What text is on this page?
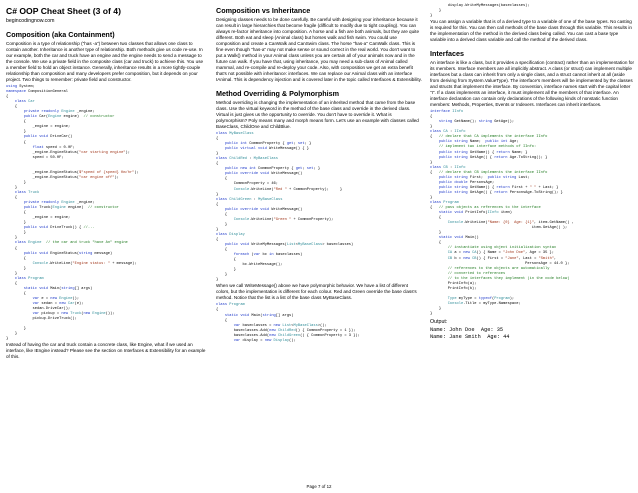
C# OOP Cheat Sheet (3 of 4)
begincodingnow.com
Composition (aka Containment)

Composition is a type of relationship ("has -a") between two classes that allows one class to contain another. Inheritance is another type of relationship. Both methods give us code re-use. In our example, both the car and truck have an engine and the engine needs to send a message to the console. We use a private field in the composite class (car and truck) to achieve this. You use a member field to hold an object instance. Generally, inheritance results in a more tightly-couple relationship than composition and many developers prefer composition, but it depends on your project. Two things to remember: private field and constructor.

using System;
namespace CompositionGeneral
{
class Car
{
private readonly Engine _engine;
public Car(Engine engine)  // constructor
{
_engine = engine;
}
public void DriveCar()
{
float speed = 0.0F;
_engine.EngineStatus("car starting engine");
speed = 50.0F;

_engine.EngineStatus($"speed of {speed} Km/hr");
_engine.EngineStatus("car engine off");
}
}
class Truck
{
private readonly Engine _engine;
public Truck(Engine engine)  // constructor
{
_engine = engine;
}
public void DriveTruck() { //...
}
}
class Engine // the car and truck "have An" engine
{
public void EngineStatus(string message)
{
Console.WriteLine("Engine status: " + message);
}
}
class Program
{
static void Main(string[] args)
{
var e = new Engine();
var sedan = new Car(e);
sedan.DriveCar();
var pickup = new Truck(new Engine());
pickup.DriveTruck();

}
}
}

Instead of having the car and truck contain a concrete class, like Engine, what if we used an interface, like IEngine instead? Please see the section on Interfaces & Extensibility for an example of this.

Composition vs Inheritance

Designing classes needs to be done carefully. Be careful with designing your inheritance because it can result in large hierarchies that become fragile (difficult to modify due to tight coupling). You can always re-factor inheritance into composition. A horse and a fish are both animals, but they are quite different. Both eat and sleep (Animal class) but horses walk and fish swim. You could use composition and create a CanWalk and CanSwim class. The horse "has-a" CanWalk class. This is fine even though "has-a" may not make sense or sound correct in the real world. You don't want to put a Walk() method in your Animal class unless you are certain all of your animals now and in the future can walk. If you have that, using inheritance, you may need a sub-class of Animal called mammal, and re-compile and re-deploy your code. Also, with composition we get an extra benefit that's not possible with inheritance: interfaces. We can replace our Animal class with an interface IAnimal. This is dependency injection and is covered later in the topic called Interfaces & Extensibility.

Method Overriding & Polymorphism

Method overriding is changing the implementation of an inherited method that came from the base class. Use the virtual keyword in the method of the base class and override in the derived class. Virtual is just gives us the opportunity to override. You don't have to override it. What is polymorphism? Poly means many and morph means form. Let's use an example with classes called BaseClass, ChildOne and ChildBlue.

class MyBaseClass
{
public int CommonProperty { get; set; }
public virtual void WriteMessage() { }
}
class ChildRed : MyBaseClass
{
public new int CommonProperty { get; set; }
public override void WriteMessage()
{
CommonProperty = 46;
Console.WriteLine("Red " + CommonProperty);     }
}
class ChildGreen : MyBaseClass
{
public override void WriteMessage()
{
Console.WriteLine("Green " + CommonProperty);
}
}
class Display
{
public void WriteMyMessages(List<MyBaseClass> baseclasses)
{
foreach (var bc in baseclasses)
{
bc.WriteMessage();
}
}
}

When we call WriteMessage() above we have polymorphic behavior. We have a list of different colors, but the implementation is different for each colour. Red and Green override the base class's method. Notice that the list is a list of the base class MyBaseClass.

class Program
{
static void Main(string[] args)
{
var baseclasses = new List<MyBaseClass>();
baseclasses.Add(new ChildRed() { CommonProperty = 1 });
baseclasses.Add(new ChildGreen() { CommonProperty = 3 });
var display = new Display();
display.WriteMyMessages(baseclasses);
}
}

You can assign a variable that is of a derived type to a variable of one of the base types. No casting is required for this. You can then call methods of the base class through this variable. This results in the implementation of the method in the derived class being called. You can cast a base type variable into a derived class variable and call the method of the derived class.

Interfaces

An interface is like a class, but it provides a specification (contract) rather than an implementation for its members. Interface members are all implicitly abstract. A class (or struct) can implement multiple interfaces but a class can inherit from only a single class, and a struct cannot inherit at all (aside from deriving from System.ValueType). The interface's members will be implemented by the classes and structs that implement the interface. By convention, interface names start with the capital letter "I". If a class implements an interface, it must implement all the members of that interface. An interface declaration can contain only declarations of the following kinds of nonstatic function members: Methods, Properties, Events or Indexers. Interfaces can inherit interfaces.

interface IInfo
{
string GetName(); string GetAge();
}
class CA : IInfo
{   // declare that CA implements the interface IInfo
public string Name;  public int Age;
// implement two interface methods of IInfo:
public string GetName() { return Name; }
public string GetAge() { return Age.ToString(); }
}
class CB : IInfo
{   // declare that CB implements the interface IInfo
public string First;  public string Last;
public double PersonsAge;
public string GetName() { return First + " " + Last; }
public string GetAge() { return PersonsAge.ToString(); }
}
class Program
{   // pass objects as references to the interface
static void PrintInfo(IInfo item)
{
Console.WriteLine("Name: {0}  Age: {1}", item.GetName() ,
item.GetAge() );
}
static void Main()
{
// instantiate using object initialization syntax
CA a = new CA() { Name = "John Doe", Age = 35 };
CB b = new CB() { First = "Jane", Last = "Smith",
PersonsAge = 44.0 };
// references to the objects are automatically
// converted to references
// to the interfaces they implement (in the code below)
PrintInfo(a);
PrintInfo(b);

Type myType = typeof(Program);
Console.Title = myType.Namespace;
}
}

Output:

Name: John Doe  Age: 35
Name: Jane Smith  Age: 44
Page 7 of 12
